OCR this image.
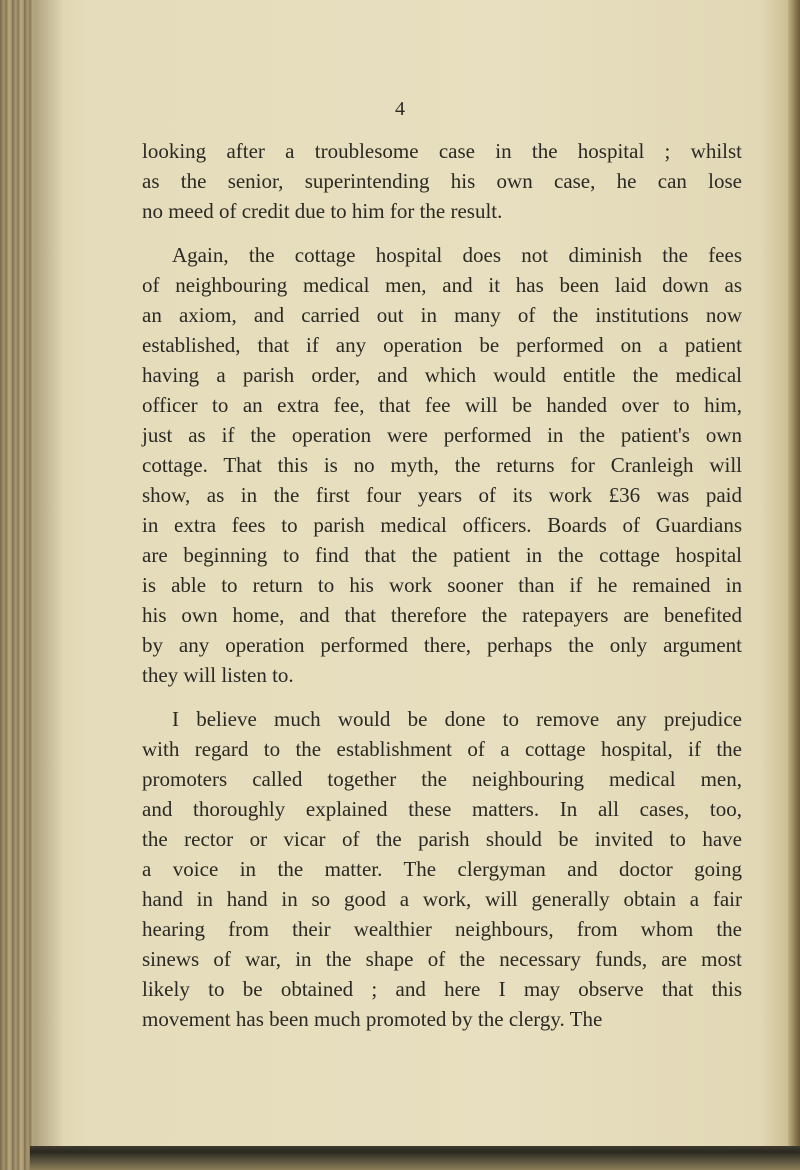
4

looking after a troublesome case in the hospital ; whilst
as the senior, superintending his own case, he can lose
no meed of credit due to him for the result.

Again, the cottage hospital does not diminish the fees
of neighbouring medical men, and it has been laid down as
an axiom, and carried out in many of the institutions now
established, that if any operation be performed on a patient
having a parish order, and which would entitle the medical
officer to an extra fee, that fee will be handed over to him,
just as if the operation were performed in the patient's own
cottage. That this is no myth, the returns for Cranleigh will
show, as in the first four years of its work £36 was paid
in extra fees to parish medical officers. Boards of Guardians
are beginning to find that the patient in the cottage hospital
is able to return to his work sooner than if he remained in
his own home, and that therefore the ratepayers are benefited
by any operation performed there, perhaps the only argument
they will listen to.

I believe much would be done to remove any prejudice
with regard to the establishment of a cottage hospital, if the
promoters called together the neighbouring medical men,
and thoroughly explained these matters. In all cases, too,
the rector or vicar of the parish should be invited to have
a voice in the matter. The clergyman and doctor going
hand in hand in so good a work, will generally obtain a fair
hearing from their wealthier neighbours, from whom the
sinews of war, in the shape of the necessary funds, are most
likely to be obtained ; and here I may observe that this
movement has been much promoted by the clergy. The
